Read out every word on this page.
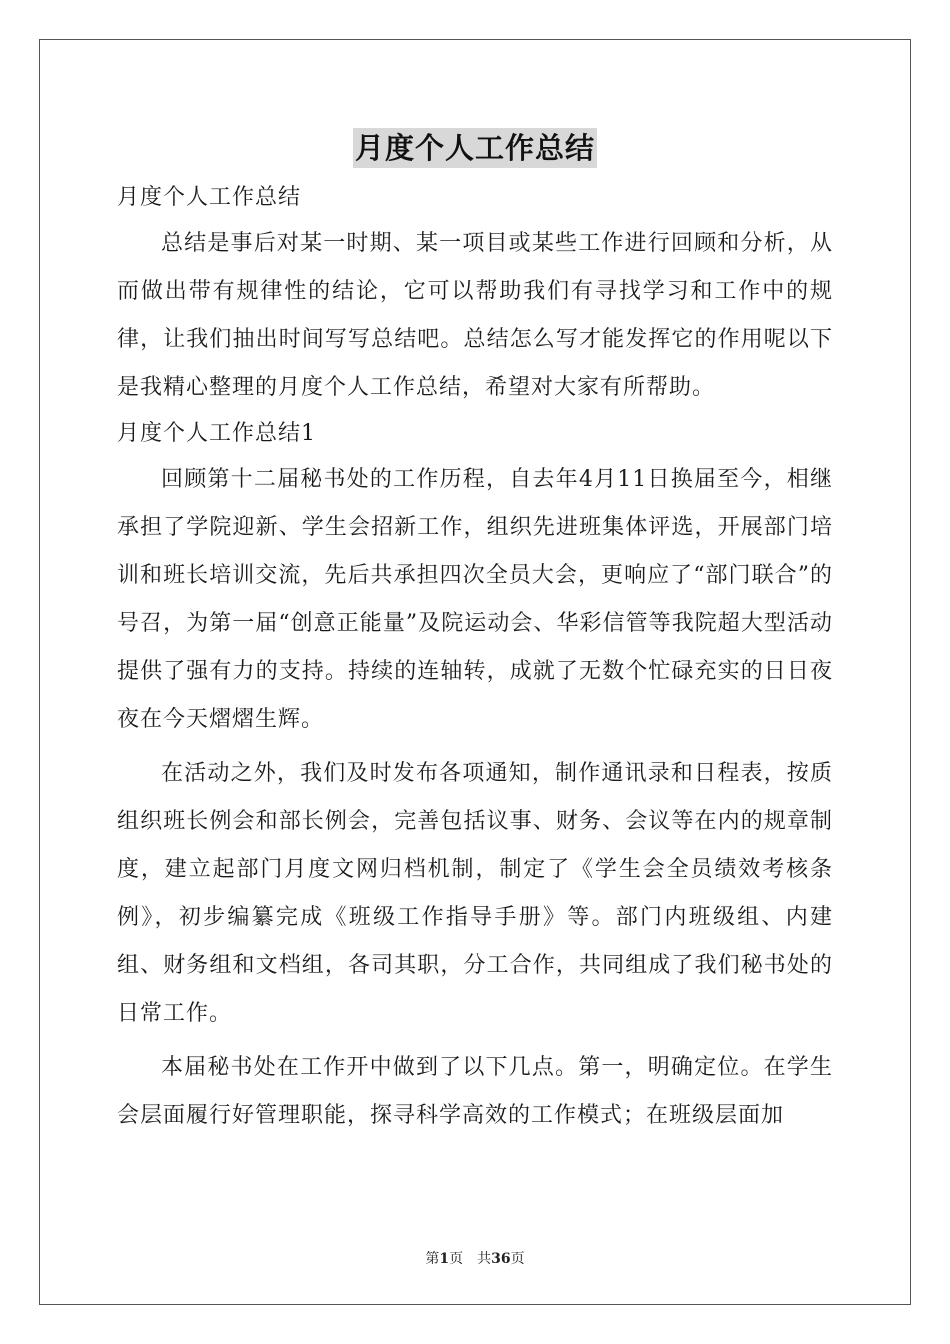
月度个人工作总结

月度个人工作总结

总结是事后对某一时期、某一项目或某些工作进行回顾和分析，从而做出带有规律性的结论，它可以帮助我们有寻找学习和工作中的规律，让我们抽出时间写写总结吧。总结怎么写才能发挥它的作用呢以下是我精心整理的月度个人工作总结，希望对大家有所帮助。

月度个人工作总结1

回顾第十二届秘书处的工作历程，自去年4月11日换届至今，相继承担了学院迎新、学生会招新工作，组织先进班集体评选，开展部门培训和班长培训交流，先后共承担四次全员大会，更响应了“部门联合”的号召，为第一届“创意正能量”及院运动会、华彩信管等我院超大型活动提供了强有力的支持。持续的连轴转，成就了无数个忙碌充实的日日夜夜在今天熠熠生辉。

在活动之外，我们及时发布各项通知，制作通讯录和日程表，按质组织班长例会和部长例会，完善包括议事、财务、会议等在内的规章制度，建立起部门月度文网归档机制，制定了《学生会全员绩效考核条例》，初步编纂完成《班级工作指导手册》等。部门内班级组、内建组、财务组和文档组，各司其职，分工合作，共同组成了我们秘书处的日常工作。

本届秘书处在工作开中做到了以下几点。第一，明确定位。在学生会层面履行好管理职能，探寻科学高效的工作模式；在班级层面加

第1页　共36页
